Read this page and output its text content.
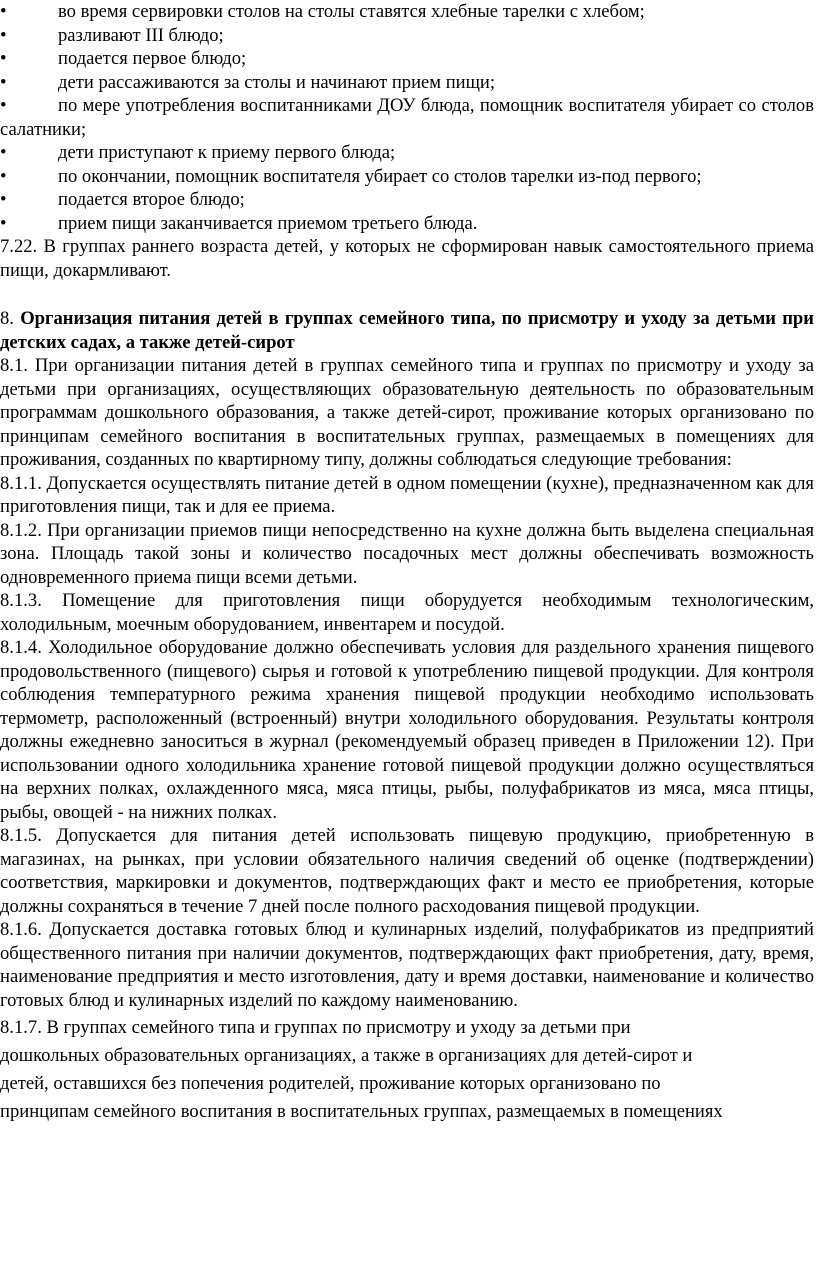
•	во время сервировки столов на столы ставятся хлебные тарелки с хлебом;

•	разливают III блюдо;

•	подается первое блюдо;

•	дети рассаживаются за столы и начинают прием пищи;

•	по мере употребления воспитанниками ДОУ блюда, помощник воспитателя убирает со столов салатники;

•	дети приступают к приему первого блюда;

•	по окончании, помощник воспитателя убирает со столов тарелки из-под первого;

•	подается второе блюдо;

•	прием пищи заканчивается приемом третьего блюда.

7.22. В группах раннего возраста детей, у которых не сформирован навык самостоятельного приема пищи, докармливают.

8. Организация питания детей в группах семейного типа, по присмотру и уходу за детьми при детских садах, а также детей-сирот

8.1. При организации питания детей в группах семейного типа и группах по присмотру и уходу за детьми при организациях, осуществляющих образовательную деятельность по образовательным программам дошкольного образования, а также детей-сирот, проживание которых организовано по принципам семейного воспитания в воспитательных группах, размещаемых в помещениях для проживания, созданных по квартирному типу, должны соблюдаться следующие требования:

8.1.1. Допускается осуществлять питание детей в одном помещении (кухне), предназначенном как для приготовления пищи, так и для ее приема.

8.1.2. При организации приемов пищи непосредственно на кухне должна быть выделена специальная зона. Площадь такой зоны и количество посадочных мест должны обеспечивать возможность одновременного приема пищи всеми детьми.

8.1.3. Помещение для приготовления пищи оборудуется необходимым технологическим, холодильным, моечным оборудованием, инвентарем и посудой.

8.1.4. Холодильное оборудование должно обеспечивать условия для раздельного хранения пищевого продовольственного (пищевого) сырья и готовой к употреблению пищевой продукции. Для контроля соблюдения температурного режима хранения пищевой продукции необходимо использовать термометр, расположенный (встроенный) внутри холодильного оборудования. Результаты контроля должны ежедневно заноситься в журнал (рекомендуемый образец приведен в Приложении 12). При использовании одного холодильника хранение готовой пищевой продукции должно осуществляться на верхних полках, охлажденного мяса, мяса птицы, рыбы, полуфабрикатов из мяса, мяса птицы, рыбы, овощей - на нижних полках.

8.1.5. Допускается для питания детей использовать пищевую продукцию, приобретенную в магазинах, на рынках, при условии обязательного наличия сведений об оценке (подтверждении) соответствия, маркировки и документов, подтверждающих факт и место ее приобретения, которые должны сохраняться в течение 7 дней после полного расходования пищевой продукции.

8.1.6. Допускается доставка готовых блюд и кулинарных изделий, полуфабрикатов из предприятий общественного питания при наличии документов, подтверждающих факт приобретения, дату, время, наименование предприятия и место изготовления, дату и время доставки, наименование и количество готовых блюд и кулинарных изделий по каждому наименованию.

8.1.7. В группах семейного типа и группах по присмотру и уходу за детьми при

дошкольных образовательных организациях, а также в организациях для детей-сирот и

детей, оставшихся без попечения родителей, проживание которых организовано по

принципам семейного воспитания в воспитательных группах, размещаемых в помещениях
